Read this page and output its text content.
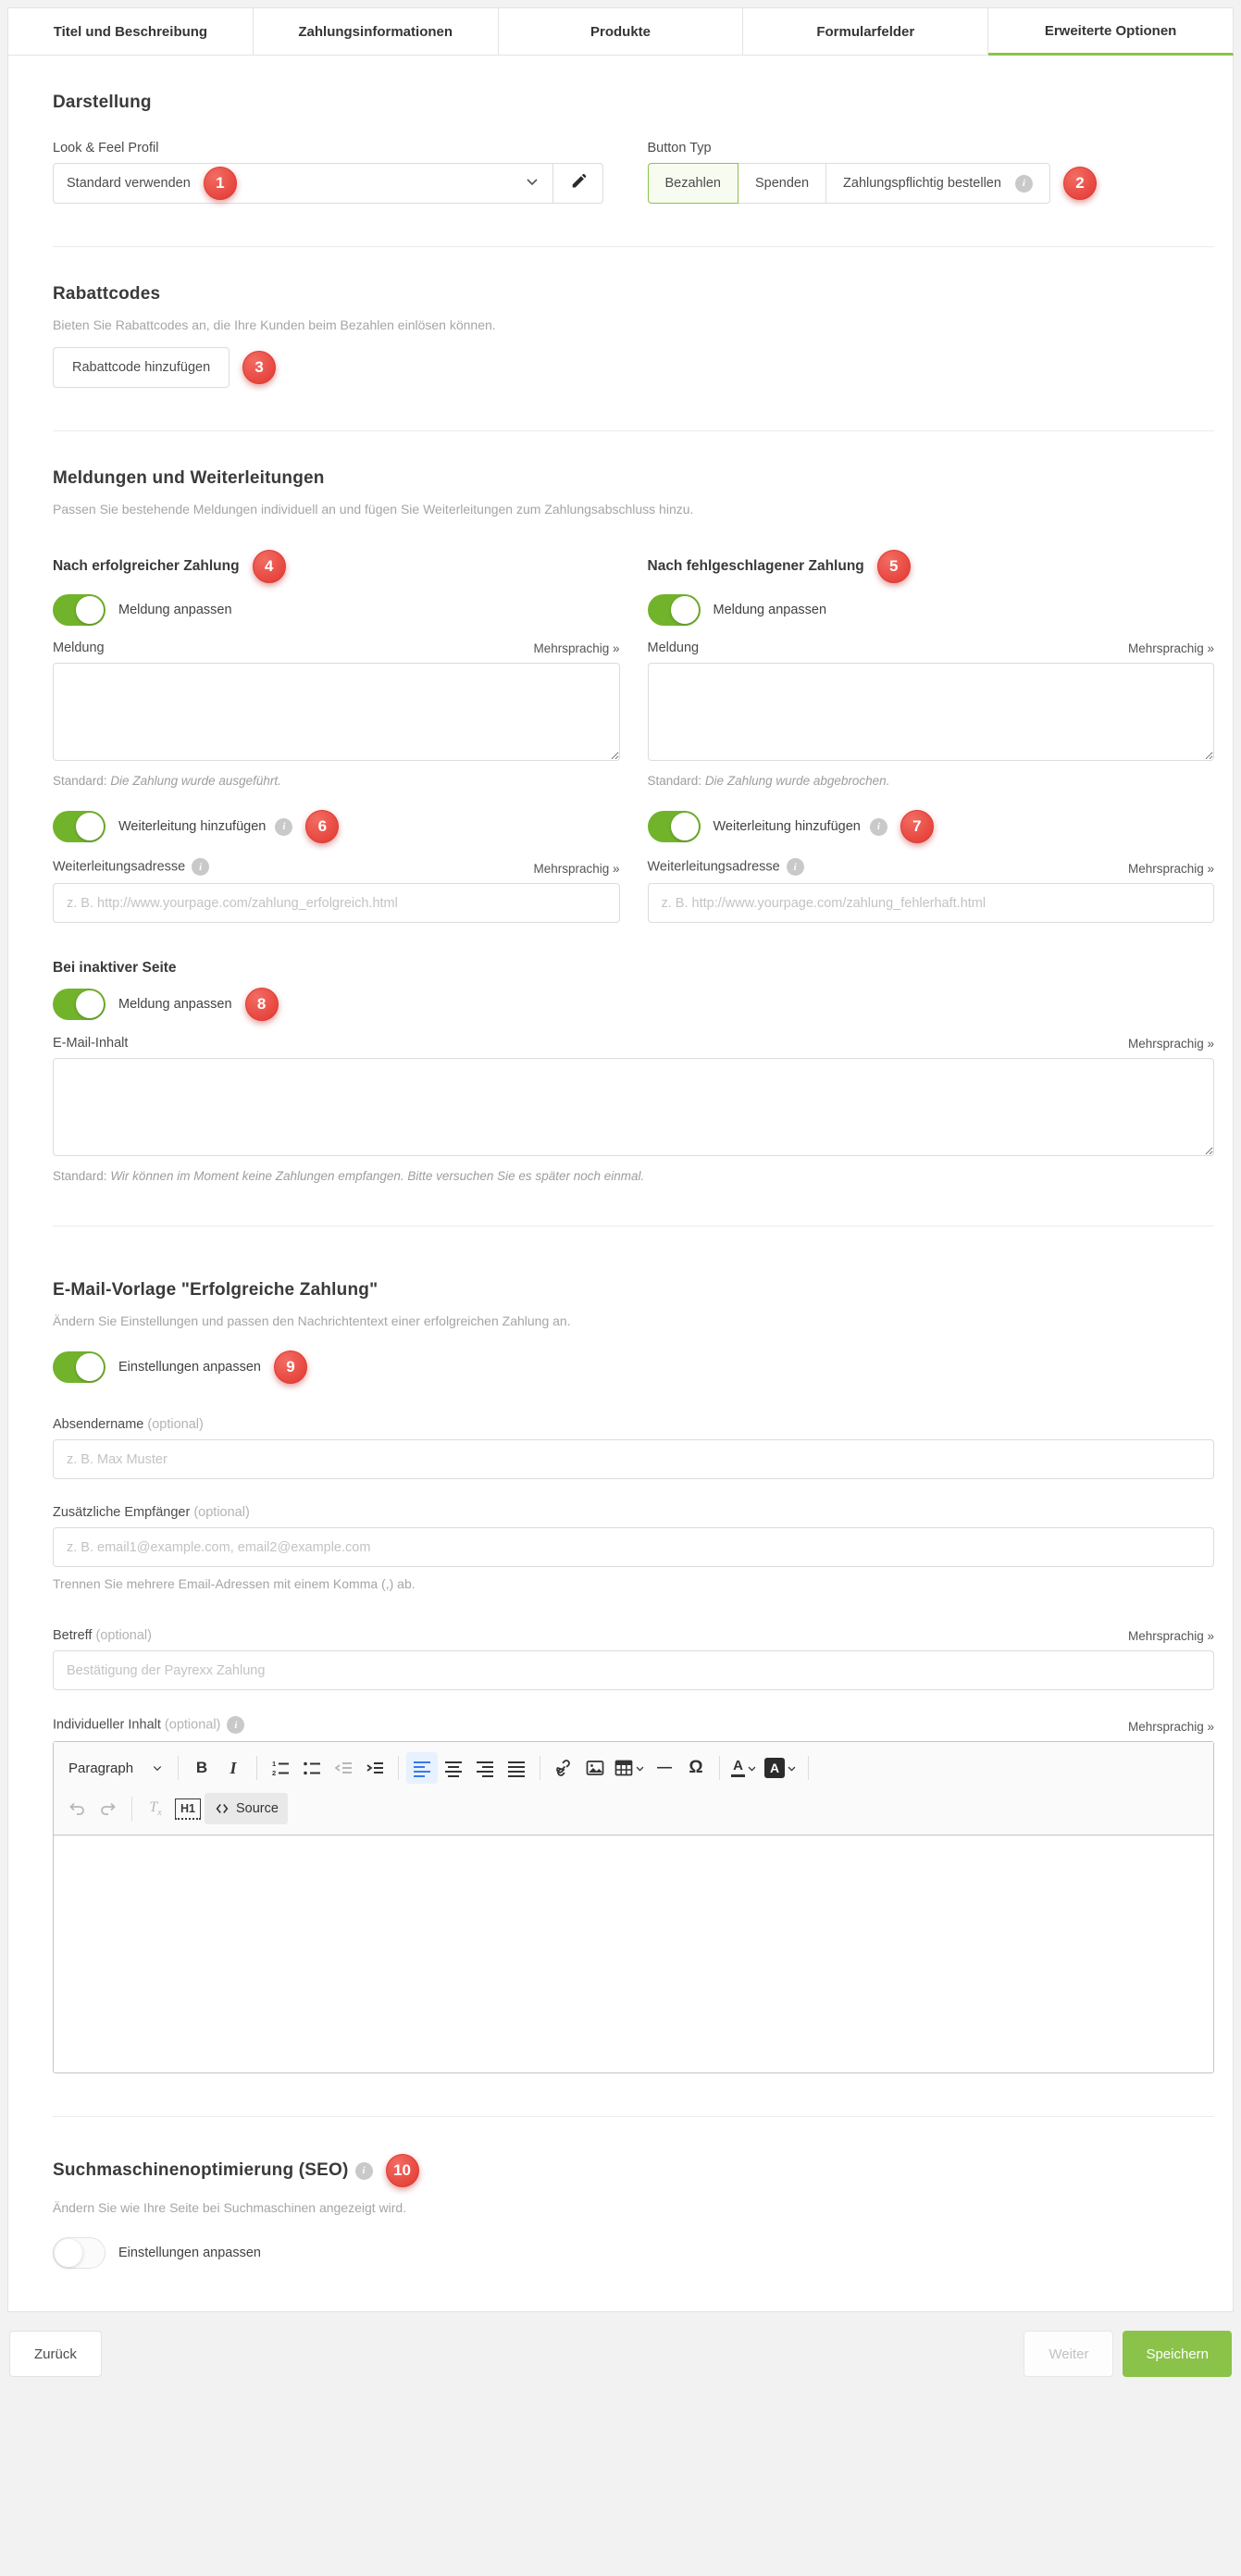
Titel und Beschreibung	Zahlungsinformationen	Produkte	Formularfelder	Erweiterte Optionen
Darstellung
Look & Feel Profil
Standard verwenden	1
Button Typ
Bezahlen	Spenden	Zahlungspflichtig bestellen	i	2
Rabattcodes
Bieten Sie Rabattcodes an, die Ihre Kunden beim Bezahlen einlösen können.
Rabattcode hinzufügen	3
Meldungen und Weiterleitungen
Passen Sie bestehende Meldungen individuell an und fügen Sie Weiterleitungen zum Zahlungsabschluss hinzu.
Nach erfolgreicher Zahlung	4
Meldung anpassen
Meldung	Mehrsprachig »
Standard: Die Zahlung wurde ausgeführt.
Weiterleitung hinzufügen	i	6
Weiterleitungsadresse i	Mehrsprachig »
z. B. http://www.yourpage.com/zahlung_erfolgreich.html
Nach fehlgeschlagener Zahlung	5
Meldung anpassen
Meldung	Mehrsprachig »
Standard: Die Zahlung wurde abgebrochen.
Weiterleitung hinzufügen	i	7
Weiterleitungsadresse i	Mehrsprachig »
z. B. http://www.yourpage.com/zahlung_fehlerhaft.html
Bei inaktiver Seite
Meldung anpassen	8
E-Mail-Inhalt	Mehrsprachig »
Standard: Wir können im Moment keine Zahlungen empfangen. Bitte versuchen Sie es später noch einmal.
E-Mail-Vorlage "Erfolgreiche Zahlung"
Ändern Sie Einstellungen und passen den Nachrichtentext einer erfolgreichen Zahlung an.
Einstellungen anpassen	9
Absendername (optional)
z. B. Max Muster
Zusätzliche Empfänger (optional)
z. B. email1@example.com, email2@example.com
Trennen Sie mehrere Email-Adressen mit einem Komma (,) ab.
Betreff (optional)	Mehrsprachig »
Bestätigung der Payrexx Zahlung
Individueller Inhalt (optional) i	Mehrsprachig »
Paragraph	B I	1
2	— Ω A	A
$T_x$	H1	Source
Suchmaschinenoptimierung (SEO)	i	10
Ändern Sie wie Ihre Seite bei Suchmaschinen angezeigt wird.
Einstellungen anpassen
Zurück	Weiter	Speichern
